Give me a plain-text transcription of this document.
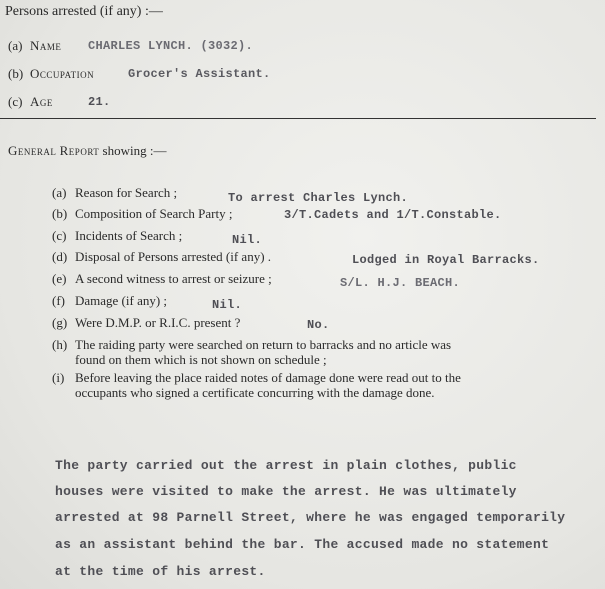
Persons arrested (if any) :—
(a) Name CHARLES LYNCH. (3032).
(b) Occupation	Grocer's Assistant.
(c) Age	21.
General Report showing :—
(a) Reason for Search ;	To arrest Charles Lynch.
(b) Composition of Search Party ;	3/T.Cadets and 1/T.Constable.
(c) Incidents of Search ;	Nil.
(d) Disposal of Persons arrested (if any) .	Lodged in Royal Barracks.
(e) A second witness to arrest or seizure ;	S/L. H.J. BEACH.
(f) Damage (if any) ;	Nil.
(g) Were D.M.P. or R.I.C. present ?	No.
(h) The raiding party were searched on return to barracks and no article was
found on them which is not shown on schedule ;
(i) Before leaving the place raided notes of damage done were read out to the
occupants who signed a certificate concurring with the damage done.
The party carried out the arrest in plain clothes, public
houses were visited to make the arrest. He was ultimately
arrested at 98 Parnell Street, where he was engaged temporarily
as an assistant behind the bar. The accused made no statement
at the time of his arrest.
